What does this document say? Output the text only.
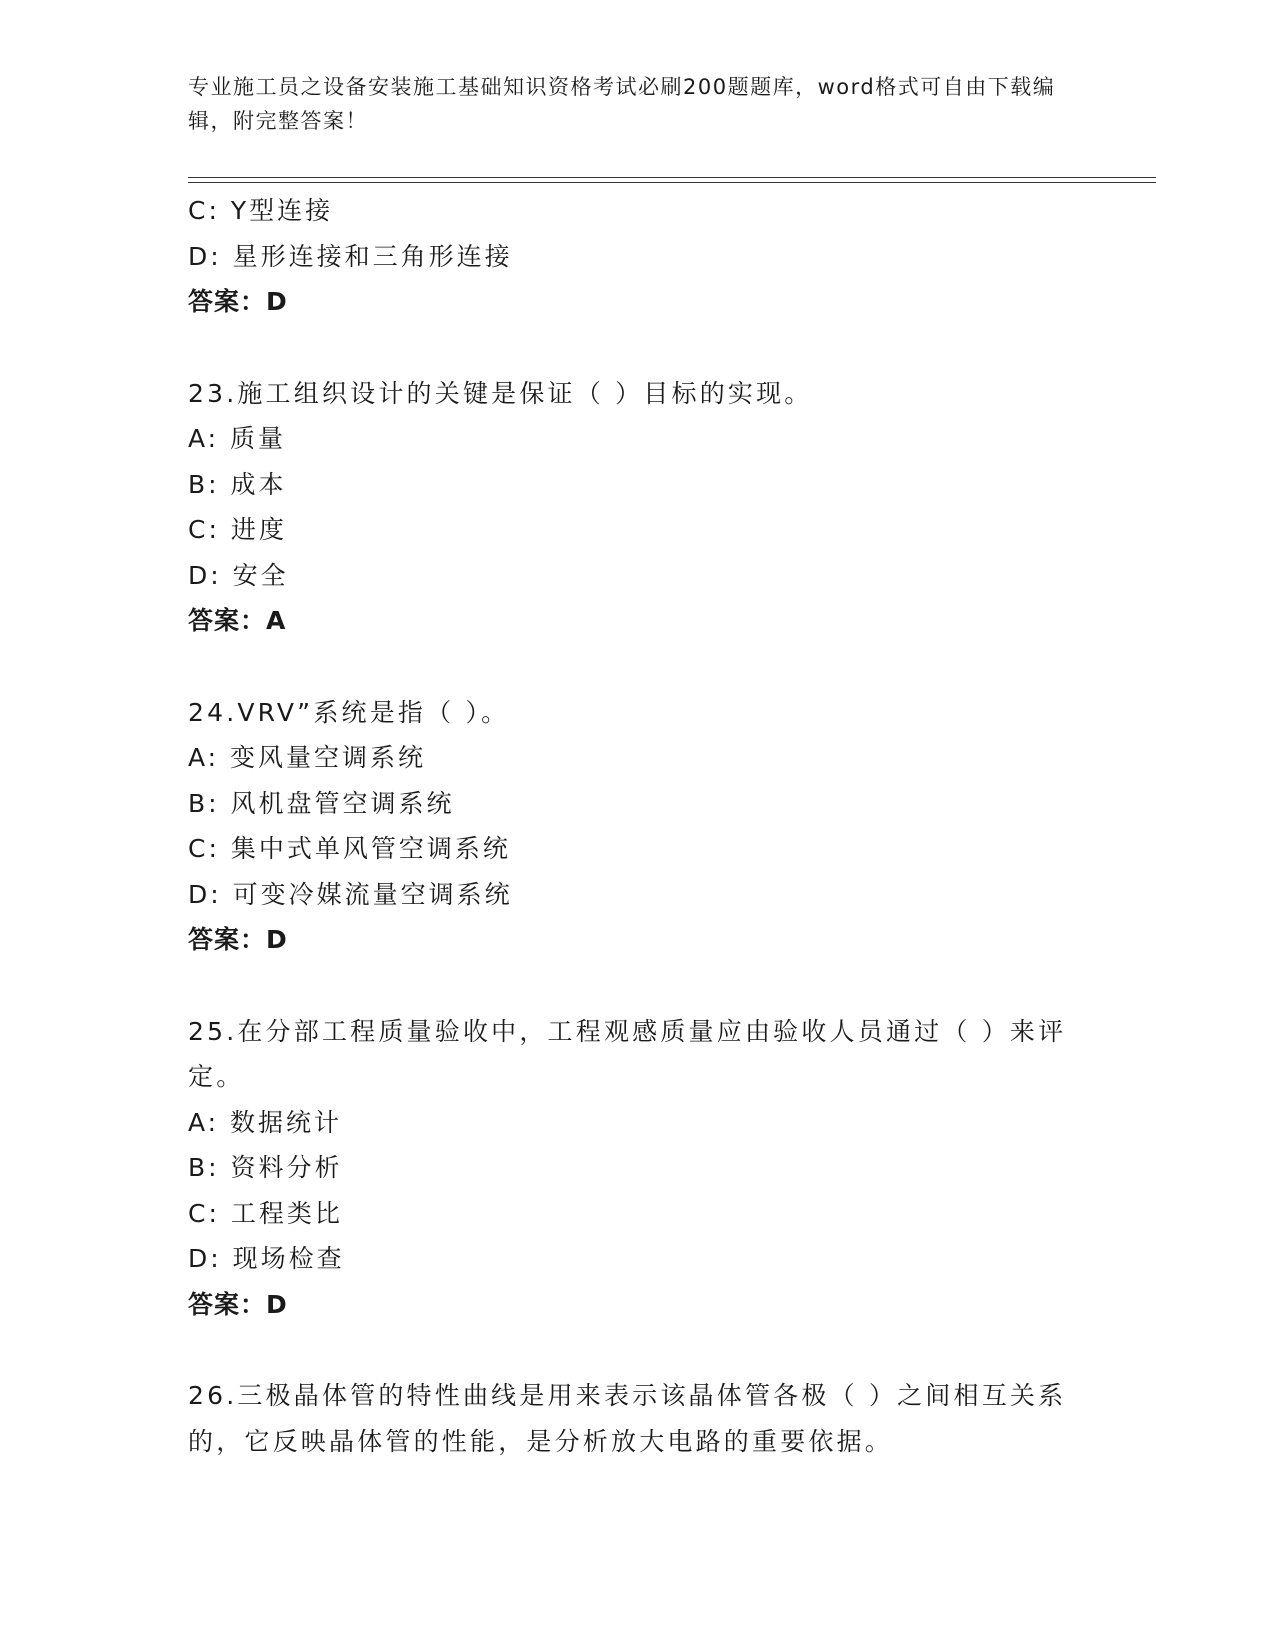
专业施工员之设备安装施工基础知识资格考试必刷200题题库，word格式可自由下载编辑，附完整答案！
C: Y型连接
D: 星形连接和三角形连接
答案：D
23.施工组织设计的关键是保证（ ）目标的实现。
A: 质量
B: 成本
C: 进度
D: 安全
答案：A
24.VRV”系统是指（ ）。
A: 变风量空调系统
B: 风机盘管空调系统
C: 集中式单风管空调系统
D: 可变冷媒流量空调系统
答案：D
25.在分部工程质量验收中，工程观感质量应由验收人员通过（ ）来评定。
A: 数据统计
B: 资料分析
C: 工程类比
D: 现场检查
答案：D
26.三极晶体管的特性曲线是用来表示该晶体管各极（ ）之间相互关系的，它反映晶体管的性能，是分析放大电路的重要依据。
